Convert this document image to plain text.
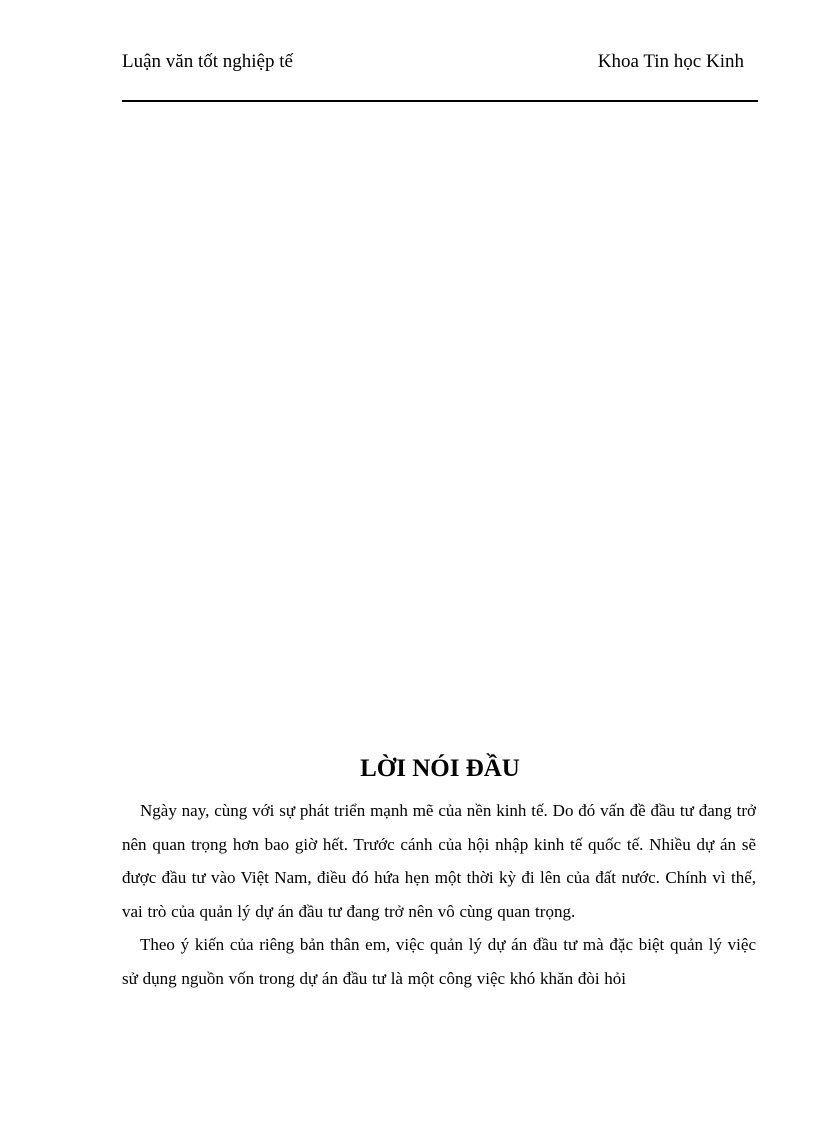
Luận văn tốt nghiệp tế	Khoa Tin học Kinh
LỜI NÓI ĐẦU

Ngày nay, cùng với sự phát triển mạnh mẽ của nền kinh tế. Do đó vấn đề đầu tư đang trở nên quan trọng hơn bao giờ hết. Trước cánh của hội nhập kinh tế quốc tế. Nhiều dự án sẽ được đầu tư vào Việt Nam, điều đó hứa hẹn một thời kỳ đi lên của đất nước. Chính vì thế, vai trò của quản lý dự án đầu tư đang trở nên vô cùng quan trọng.

Theo ý kiến của riêng bản thân em, việc quản lý dự án đầu tư mà đặc biệt quản lý việc sử dụng nguồn vốn trong dự án đầu tư là một công việc khó khăn đòi hỏi
